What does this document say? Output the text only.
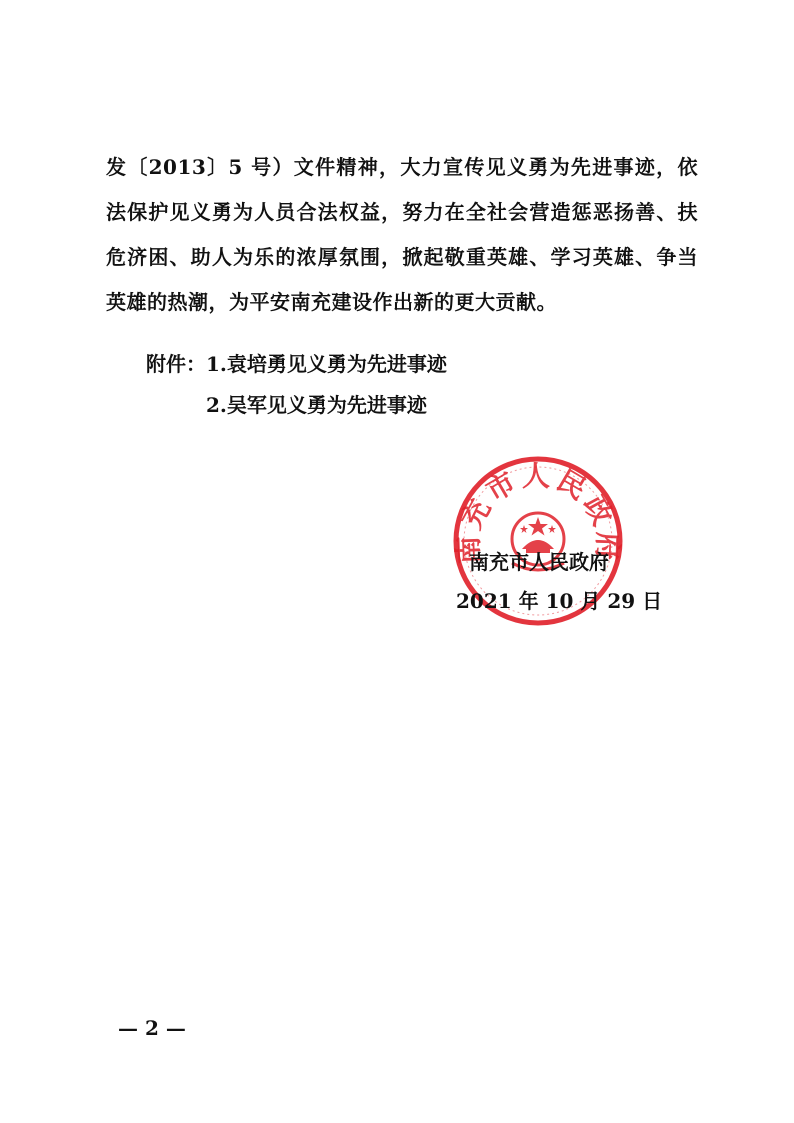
发〔2013〕5 号）文件精神，大力宣传见义勇为先进事迹，依法保护见义勇为人员合法权益，努力在全社会营造惩恶扬善、扶危济困、助人为乐的浓厚氛围，掀起敬重英雄、学习英雄、争当英雄的热潮，为平安南充建设作出新的更大贡献。

附件： 1.袁培勇见义勇为先进事迹
2.吴军见义勇为先进事迹
南充市人民政府
南充市人民政府
2021 年 10 月 29 日
— 2 —
